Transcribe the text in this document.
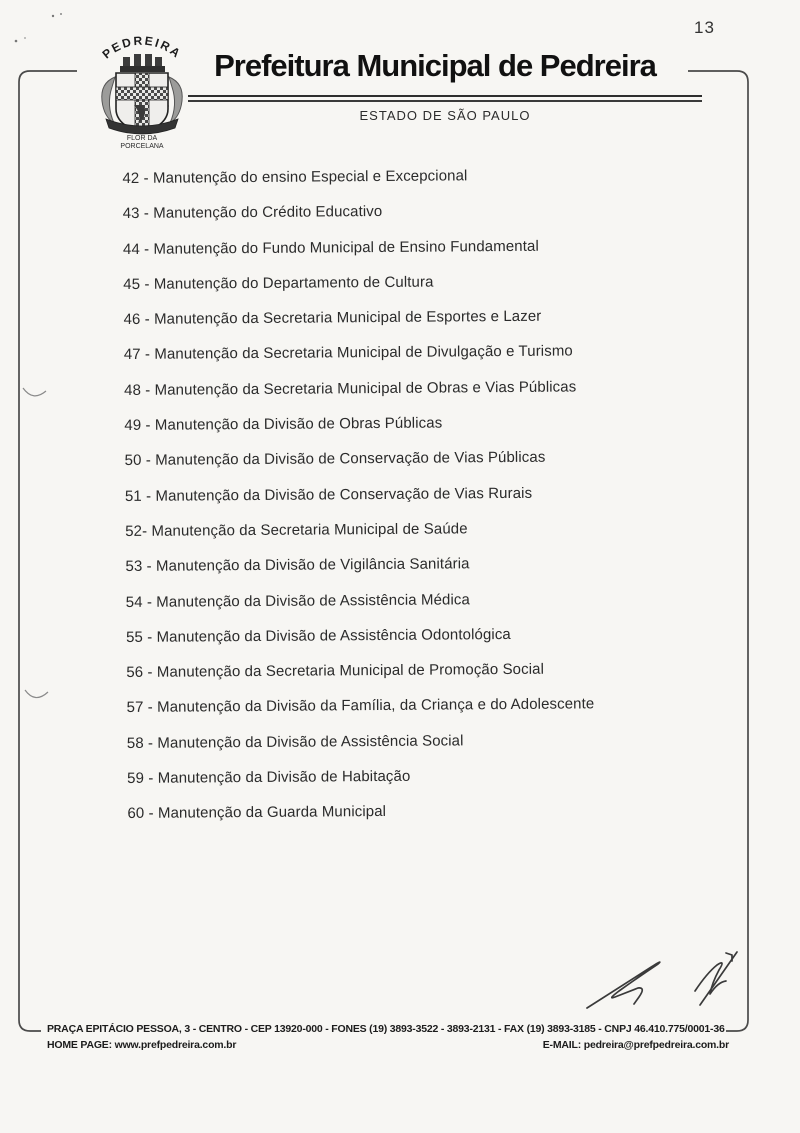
13
PEDREIRA
FLOR DA
PORCELANA
Prefeitura Municipal de Pedreira
ESTADO DE SÃO PAULO
42 - Manutenção do ensino Especial e Excepcional
43 - Manutenção do Crédito Educativo
44 - Manutenção do Fundo Municipal de Ensino Fundamental
45 - Manutenção do Departamento de Cultura
46 - Manutenção da Secretaria Municipal de Esportes e Lazer
47 - Manutenção da Secretaria Municipal de Divulgação e Turismo
48 - Manutenção da Secretaria Municipal de Obras e Vias Públicas
49 - Manutenção da Divisão de Obras Públicas
50 - Manutenção da Divisão de Conservação de Vias Públicas
51 - Manutenção da Divisão de Conservação de Vias Rurais
52- Manutenção da Secretaria Municipal de Saúde
53 - Manutenção da Divisão de Vigilância Sanitária
54 - Manutenção da Divisão de Assistência Médica
55 - Manutenção da Divisão de Assistência Odontológica
56 - Manutenção da Secretaria Municipal de Promoção Social
57 - Manutenção da Divisão da Família, da Criança e do Adolescente
58 - Manutenção da Divisão de Assistência Social
59 - Manutenção da Divisão de Habitação
60 - Manutenção da Guarda Municipal
PRAÇA EPITÁCIO PESSOA, 3 - CENTRO - CEP 13920-000 - FONES (19) 3893-3522 - 3893-2131 - FAX (19) 3893-3185 - CNPJ 46.410.775/0001-36
HOME PAGE: www.prefpedreira.com.br	E-MAIL: pedreira@prefpedreira.com.br
